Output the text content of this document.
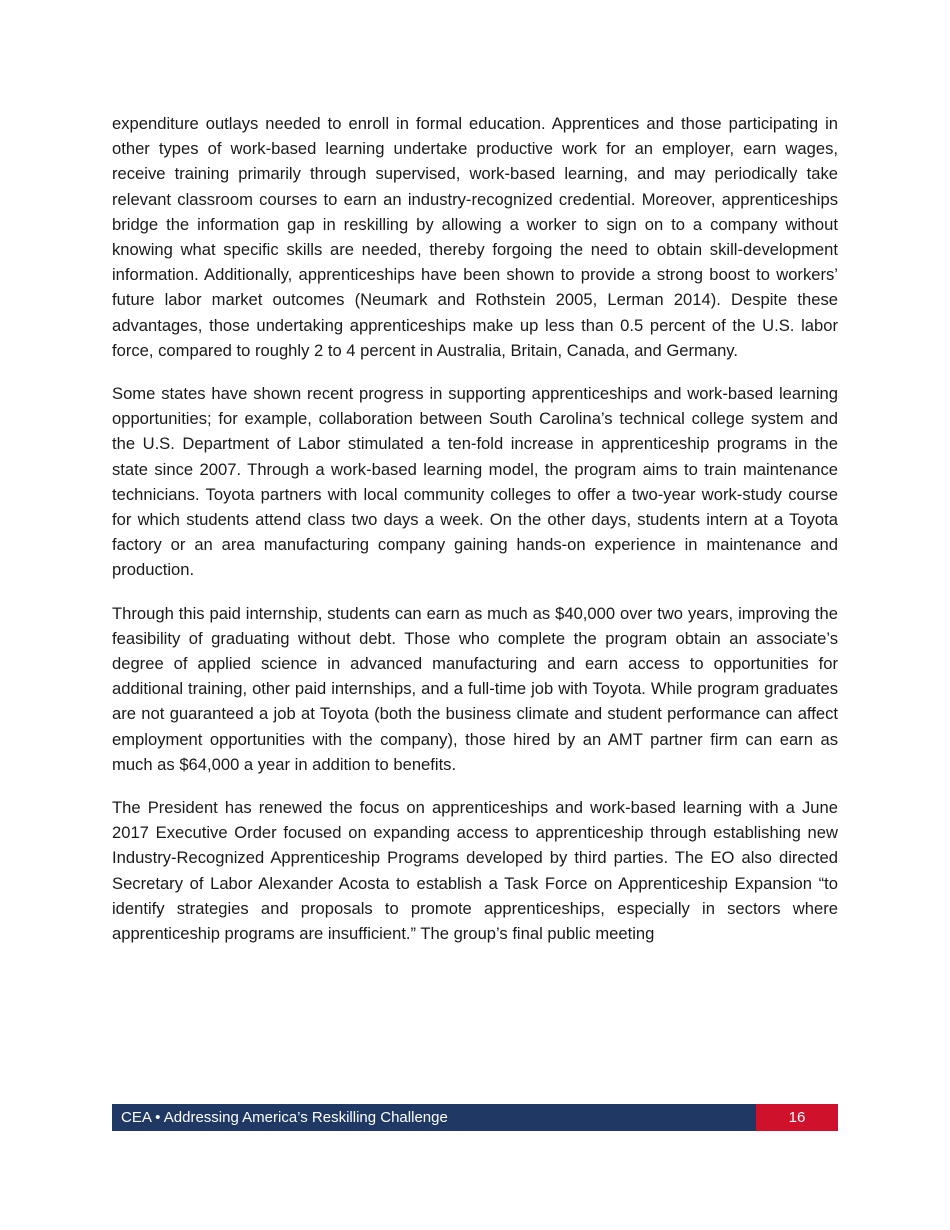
expenditure outlays needed to enroll in formal education. Apprentices and those participating in other types of work-based learning undertake productive work for an employer, earn wages, receive training primarily through supervised, work-based learning, and may periodically take relevant classroom courses to earn an industry-recognized credential. Moreover, apprenticeships bridge the information gap in reskilling by allowing a worker to sign on to a company without knowing what specific skills are needed, thereby forgoing the need to obtain skill-development information. Additionally, apprenticeships have been shown to provide a strong boost to workers’ future labor market outcomes (Neumark and Rothstein 2005, Lerman 2014). Despite these advantages, those undertaking apprenticeships make up less than 0.5 percent of the U.S. labor force, compared to roughly 2 to 4 percent in Australia, Britain, Canada, and Germany.

Some states have shown recent progress in supporting apprenticeships and work-based learning opportunities; for example, collaboration between South Carolina’s technical college system and the U.S. Department of Labor stimulated a ten-fold increase in apprenticeship programs in the state since 2007. Through a work-based learning model, the program aims to train maintenance technicians. Toyota partners with local community colleges to offer a two-year work-study course for which students attend class two days a week. On the other days, students intern at a Toyota factory or an area manufacturing company gaining hands-on experience in maintenance and production.

Through this paid internship, students can earn as much as $40,000 over two years, improving the feasibility of graduating without debt. Those who complete the program obtain an associate’s degree of applied science in advanced manufacturing and earn access to opportunities for additional training, other paid internships, and a full-time job with Toyota. While program graduates are not guaranteed a job at Toyota (both the business climate and student performance can affect employment opportunities with the company), those hired by an AMT partner firm can earn as much as $64,000 a year in addition to benefits.

The President has renewed the focus on apprenticeships and work-based learning with a June 2017 Executive Order focused on expanding access to apprenticeship through establishing new Industry-Recognized Apprenticeship Programs developed by third parties. The EO also directed Secretary of Labor Alexander Acosta to establish a Task Force on Apprenticeship Expansion “to identify strategies and proposals to promote apprenticeships, especially in sectors where apprenticeship programs are insufficient.” The group’s final public meeting

CEA • Addressing America’s Reskilling Challenge	16
